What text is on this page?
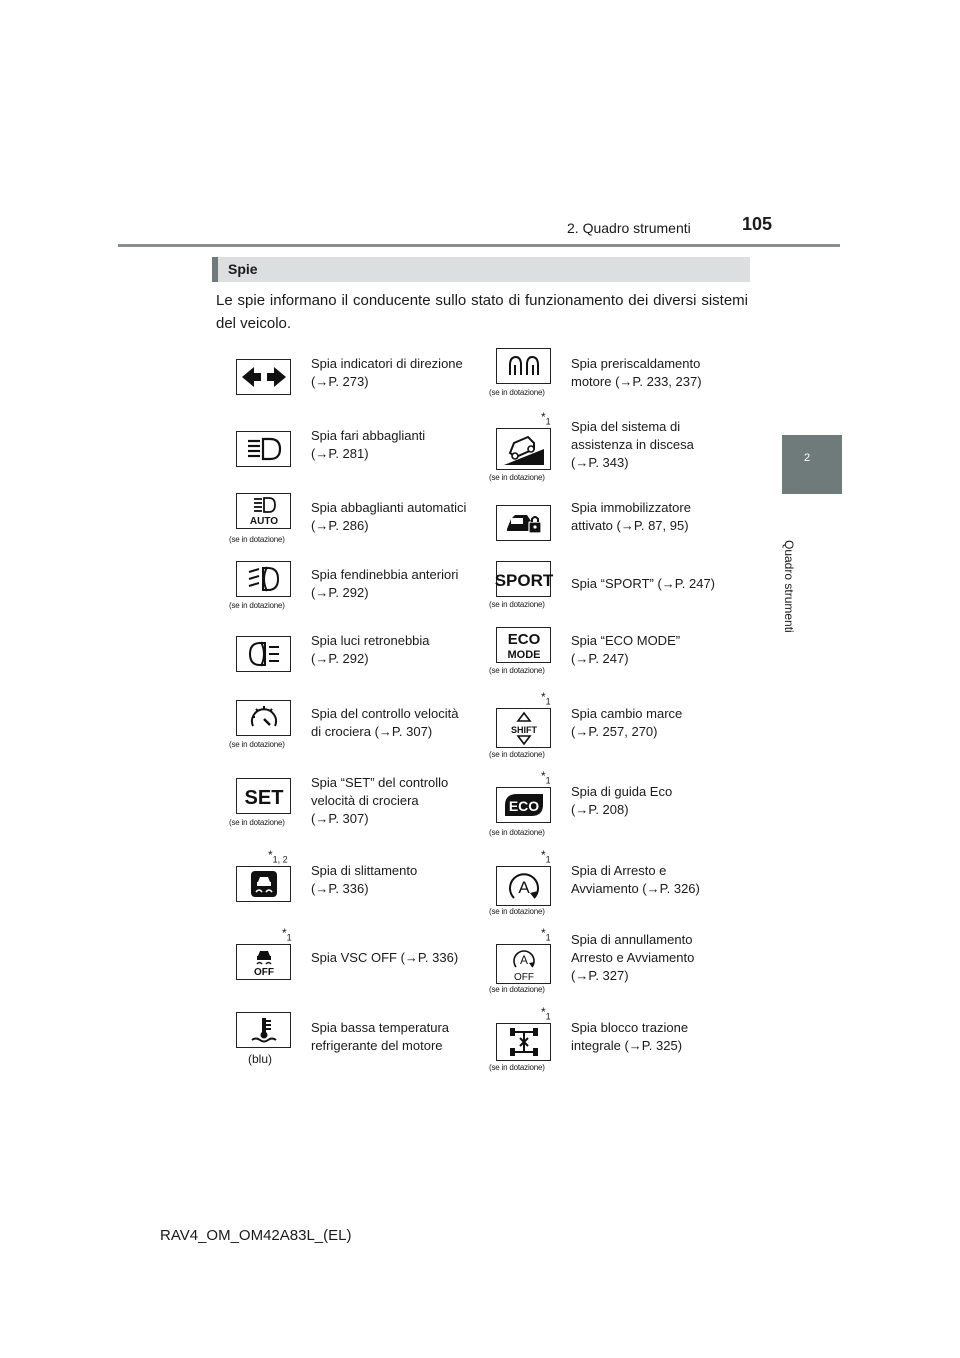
2. Quadro strumenti	105
2
Quadro strumenti
Spie
Le spie informano il conducente sullo stato di funzionamento dei diversi sistemi del veicolo.
Spia indicatori di direzione
(→P. 273)
Spia fari abbaglianti
(→P. 281)
AUTO
(se in dotazione)
Spia abbaglianti automatici
(→P. 286)
(se in dotazione)
Spia fendinebbia anteriori
(→P. 292)
Spia luci retronebbia
(→P. 292)
(se in dotazione)
Spia del controllo velocità
di crociera (→P. 307)
SET
(se in dotazione)
Spia “SET” del controllo
velocità di crociera
(→P. 307)
$*_{1, 2}$
Spia di slittamento
(→P. 336)
$*_1$
OFF
Spia VSC OFF (→P. 336)
(blu)
Spia bassa temperatura
refrigerante del motore
(se in dotazione)
Spia preriscaldamento
motore (→P. 233, 237)
$*_1$
(se in dotazione)
Spia del sistema di
assistenza in discesa
(→P. 343)
Spia immobilizzatore
attivato (→P. 87, 95)
SPORT
(se in dotazione)
Spia “SPORT” (→P. 247)
ECO
MODE
(se in dotazione)
Spia “ECO MODE”
(→P. 247)
$*_1$
SHIFT
(se in dotazione)
Spia cambio marce
(→P. 257, 270)
$*_1$
ECO
(se in dotazione)
Spia di guida Eco
(→P. 208)
$*_1$
A
(se in dotazione)
Spia di Arresto e
Avviamento (→P. 326)
$*_1$
A
OFF
(se in dotazione)
Spia di annullamento
Arresto e Avviamento
(→P. 327)
$*_1$
(se in dotazione)
Spia blocco trazione
integrale (→P. 325)
RAV4_OM_OM42A83L_(EL)
